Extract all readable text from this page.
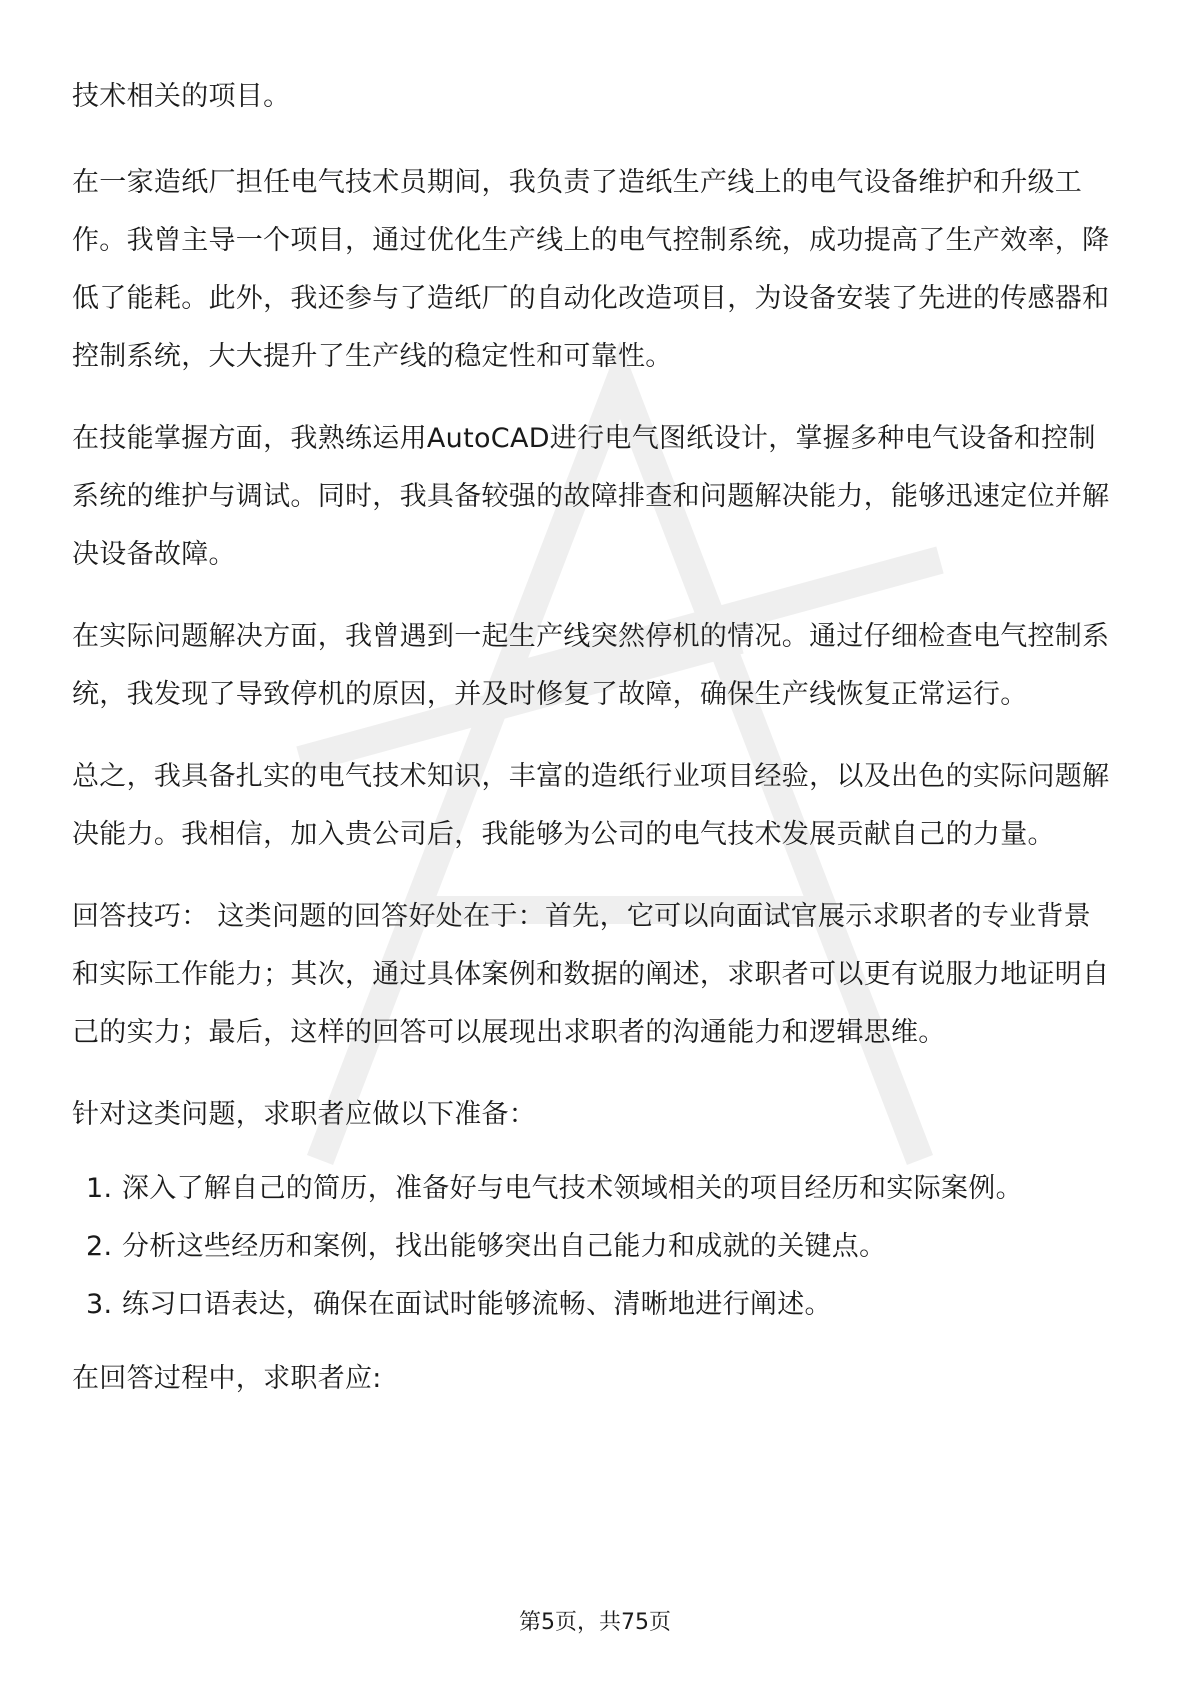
技术相关的项目。

在一家造纸厂担任电气技术员期间，我负责了造纸生产线上的电气设备维护和升级工作。我曾主导一个项目，通过优化生产线上的电气控制系统，成功提高了生产效率，降低了能耗。此外，我还参与了造纸厂的自动化改造项目，为设备安装了先进的传感器和控制系统，大大提升了生产线的稳定性和可靠性。

在技能掌握方面，我熟练运用AutoCAD进行电气图纸设计，掌握多种电气设备和控制系统的维护与调试。同时，我具备较强的故障排查和问题解决能力，能够迅速定位并解决设备故障。

在实际问题解决方面，我曾遇到一起生产线突然停机的情况。通过仔细检查电气控制系统，我发现了导致停机的原因，并及时修复了故障，确保生产线恢复正常运行。

总之，我具备扎实的电气技术知识，丰富的造纸行业项目经验，以及出色的实际问题解决能力。我相信，加入贵公司后，我能够为公司的电气技术发展贡献自己的力量。

回答技巧： 这类问题的回答好处在于：首先，它可以向面试官展示求职者的专业背景和实际工作能力；其次，通过具体案例和数据的阐述，求职者可以更有说服力地证明自己的实力；最后，这样的回答可以展现出求职者的沟通能力和逻辑思维。

针对这类问题，求职者应做以下准备：

1. 深入了解自己的简历，准备好与电气技术领域相关的项目经历和实际案例。
2. 分析这些经历和案例，找出能够突出自己能力和成就的关键点。
3. 练习口语表达，确保在面试时能够流畅、清晰地进行阐述。

在回答过程中，求职者应:

第5页，共75页
